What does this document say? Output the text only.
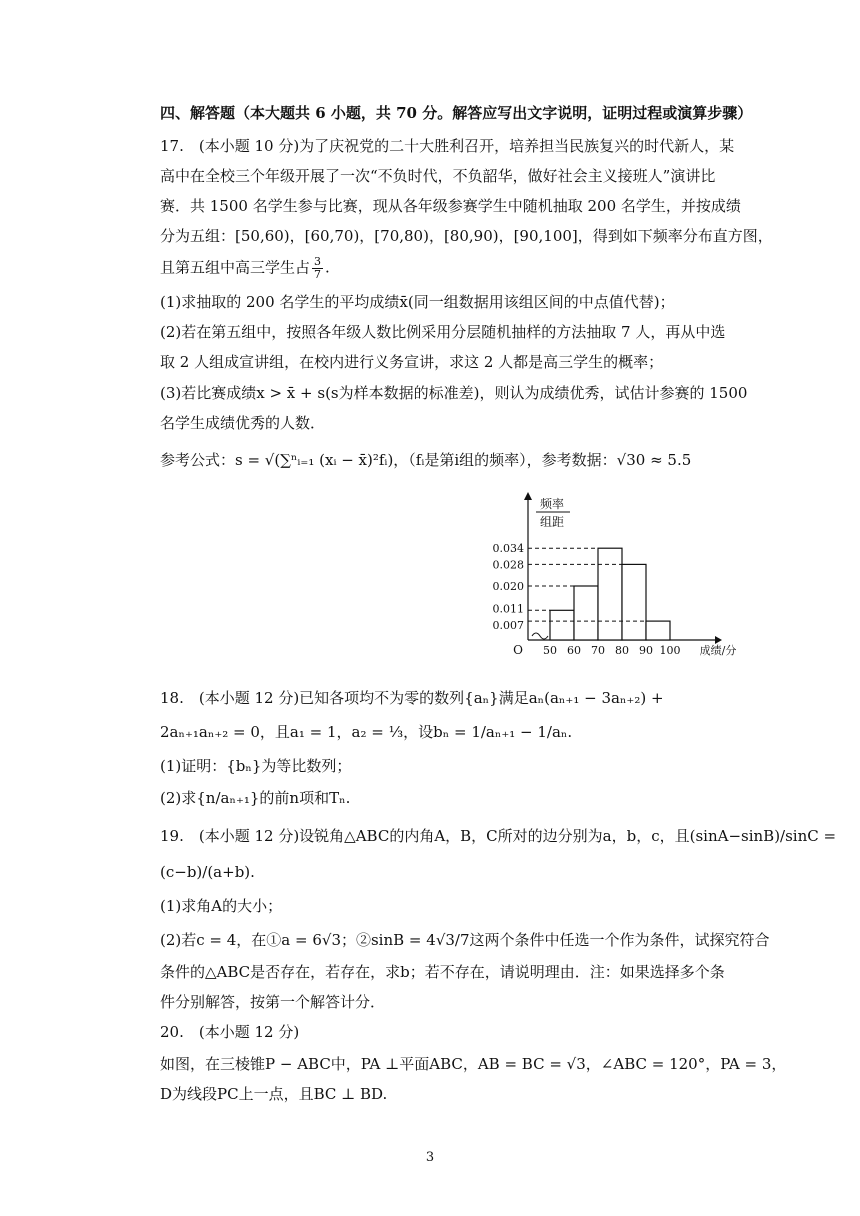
四、解答题（本大题共 6 小题，共 70 分。解答应写出文字说明，证明过程或演算步骤）
17.　(本小题 10 分)为了庆祝党的二十大胜利召开，培养担当民族复兴的时代新人，某
高中在全校三个年级开展了一次“不负时代，不负韶华，做好社会主义接班人”演讲比
赛．共 1500 名学生参与比赛，现从各年级参赛学生中随机抽取 200 名学生，并按成绩
分为五组：[50,60)，[60,70)，[70,80)，[80,90)，[90,100]，得到如下频率分布直方图，
且第五组中高三学生占 $\frac{3}{7}$ .
(1)求抽取的 200 名学生的平均成绩x̄(同一组数据用该组区间的中点值代替)；
(2)若在第五组中，按照各年级人数比例采用分层随机抽样的方法抽取 7 人，再从中选
取 2 人组成宣讲组，在校内进行义务宣讲，求这 2 人都是高三学生的概率；
(3)若比赛成绩x > x̄ + s(s为样本数据的标准差)，则认为成绩优秀，试估计参赛的 1500
名学生成绩优秀的人数．
参考公式：s = √(∑ⁿᵢ₌₁ (xᵢ − x̄)²fᵢ)，（fᵢ是第i组的频率），参考数据：√30 ≈ 5.5
频率
组距
0.034
0.028
0.020
0.011
0.007
50 60 70 80 90 100
O	成绩/分
18.　(本小题 12 分)已知各项均不为零的数列{aₙ}满足aₙ(aₙ₊₁ − 3aₙ₊₂) +
2aₙ₊₁aₙ₊₂ = 0，且a₁ = 1，a₂ = ⅓，设bₙ = 1/aₙ₊₁ − 1/aₙ.
(1)证明：{bₙ}为等比数列；
(2)求{n/aₙ₊₁}的前n项和Tₙ.
19.　(本小题 12 分)设锐角△ABC的内角A，B，C所对的边分别为a，b，c，且(sinA−sinB)/sinC =
(c−b)/(a+b).
(1)求角A的大小；
(2)若c = 4，在①a = 6√3；②sinB = 4√3/7这两个条件中任选一个作为条件，试探究符合
条件的△ABC是否存在，若存在，求b；若不存在，请说明理由．注：如果选择多个条
件分别解答，按第一个解答计分．
20.　(本小题 12 分)
如图，在三棱锥P − ABC中，PA ⊥平面ABC，AB = BC = √3，∠ABC = 120°，PA = 3，
D为线段PC上一点，且BC ⊥ BD.
3
